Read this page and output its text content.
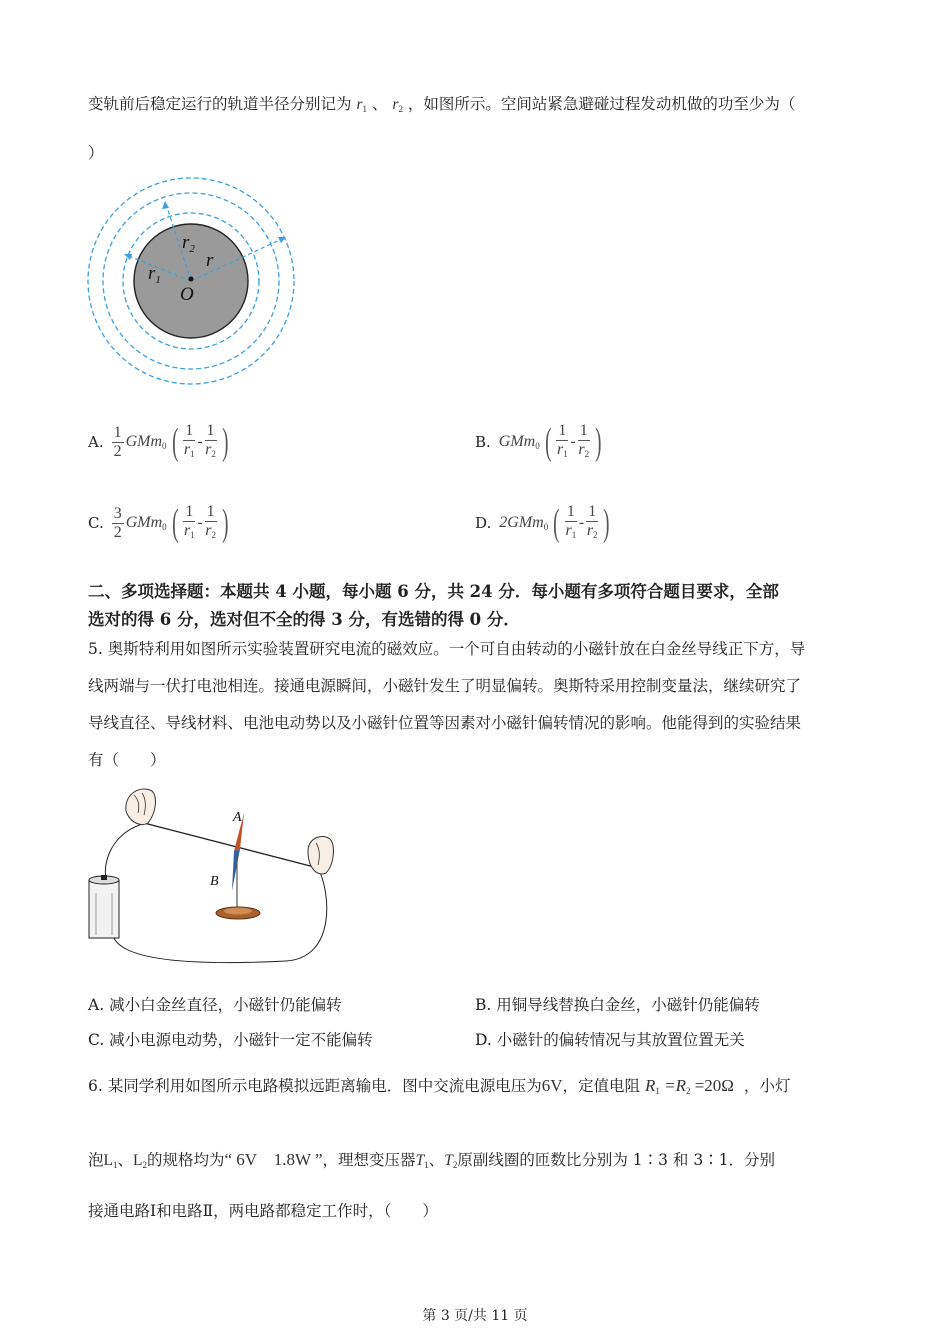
变轨前后稳定运行的轨道半径分别记为 $r_1$ 、 $r_2$ ，如图所示。空间站紧急避碰过程发动机做的功至少为（
）
$r_1$
$r_2$
r
O
A. $\frac{1}{2} GMm_0$ ( $\frac{1}{r_1} - \frac{1}{r_2}$ )	B. GMm$_0$ ( $\frac{1}{r_1} - \frac{1}{r_2}$ )
C. $\frac{3}{2} GMm_0$ ( $\frac{1}{r_1} - \frac{1}{r_2}$ )	D. 2GMm$_0$ ( $\frac{1}{r_1} - \frac{1}{r_2}$ )
二、多项选择题：本题共 4 小题，每小题 6 分，共 24 分．每小题有多项符合题目要求，全部
选对的得 6 分，选对但不全的得 3 分，有选错的得 0 分．
5. 奥斯特利用如图所示实验装置研究电流的磁效应。一个可自由转动的小磁针放在白金丝导线正下方，导
线两端与一伏打电池相连。接通电源瞬间，小磁针发生了明显偏转。奥斯特采用控制变量法，继续研究了
导线直径、导线材料、电池电动势以及小磁针位置等因素对小磁针偏转情况的影响。他能得到的实验结果
有（　　）
A
B
A. 减小白金丝直径，小磁针仍能偏转	B. 用铜导线替换白金丝，小磁针仍能偏转
C. 减小电源电动势，小磁针一定不能偏转	D. 小磁针的偏转情况与其放置位置无关
6. 某同学利用如图所示电路模拟远距离输电．图中交流电源电压为6V，定值电阻 $R_1 =R_2 =20\Omega$ ，小灯
泡$L_1$、$L_2$的规格均为“ 6V　1.8W ”，理想变压器$T_1$、$T_2$原副线圈的匝数比分别为 1∶3 和 3∶1．分别
接通电路Ⅰ和电路Ⅱ，两电路都稳定工作时，（　　）
第 3 页/共 11 页
